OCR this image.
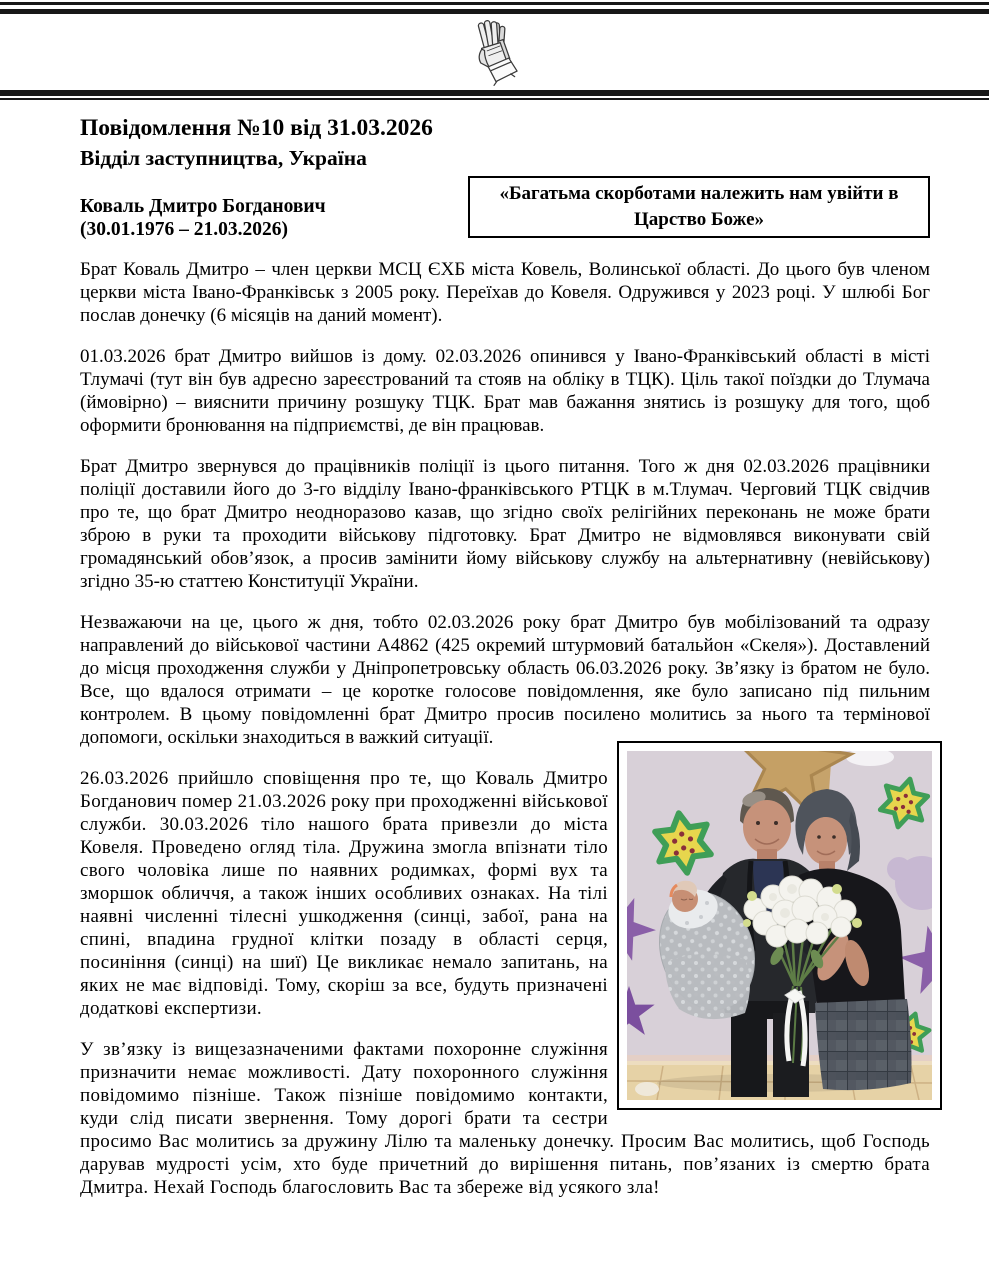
Повідомлення №10 від 31.03.2026
Відділ заступництва, Україна
Коваль Дмитро Богданович
(30.01.1976 – 21.03.2026)
«Багатьма скорботами належить нам увійти в Царство Боже»

Брат Коваль Дмитро – член церкви МСЦ ЄХБ міста Ковель, Волинської області. До цього був членом церкви міста Івано-Франківськ з 2005 року. Переїхав до Ковеля. Одружився у 2023 році. У шлюбі Бог послав донечку (6 місяців на даний момент).

01.03.2026 брат Дмитро вийшов із дому. 02.03.2026 опинився у Івано-Франківський області в місті Тлумачі (тут він був адресно зареєстрований та стояв на обліку в ТЦК). Ціль такої поїздки до Тлумача (ймовірно) – вияснити причину розшуку ТЦК. Брат мав бажання знятись із розшуку для того, щоб оформити бронювання на підприємстві, де він працював.

Брат Дмитро звернувся до працівників поліції із цього питання. Того ж дня 02.03.2026 працівники поліції доставили його до 3-го відділу Івано-франківського РТЦК в м.Тлумач. Черговий ТЦК свідчив про те, що брат Дмитро неодноразово казав, що згідно своїх релігійних переконань не може брати зброю в руки та проходити військову підготовку. Брат Дмитро не відмовлявся виконувати свій громадянський обов’язок, а просив замінити йому військову службу на альтернативну (невійськову) згідно 35-ю статтею Конституції України.

Незважаючи на це, цього ж дня, тобто 02.03.2026 року брат Дмитро був мобілізований та одразу направлений до військової частини А4862 (425 окремий штурмовий батальйон «Скеля»). Доставлений до місця проходження служби у Дніпропетровську область 06.03.2026 року. Зв’язку із братом не було. Все, що вдалося отримати – це коротке голосове повідомлення, яке було записано під пильним контролем. В цьому повідомленні брат Дмитро просив посилено молитись за нього та термінової допомоги, оскільки знаходиться в важкий ситуації.

26.03.2026 прийшло сповіщення про те, що Коваль Дмитро Богданович помер 21.03.2026 року при проходженні військової служби. 30.03.2026 тіло нашого брата привезли до міста Ковеля. Проведено огляд тіла. Дружина змогла впізнати тіло свого чоловіка лише по наявних родимках, формі вух та зморшок обличчя, а також інших особливих ознаках. На тілі наявні численні тілесні ушкодження (синці, забої, рана на спині, впадина грудної клітки позаду в області серця, посиніння (синці) на шиї) Це викликає немало запитань, на яких не має відповіді. Тому, скоріш за все, будуть призначені додаткові експертизи.

У зв’язку із вищезазначеними фактами похоронне служіння призначити немає можливості. Дату похоронного служіння повідомимо пізніше. Також пізніше повідомимо контакти, куди слід писати звернення. Тому дорогі брати та сестри просимо Вас молитись за дружину Лілю та маленьку донечку. Просим Вас молитись, щоб Господь дарував мудрості усім, хто буде причетний до вирішення питань, пов’язаних із смертю брата Дмитра. Нехай Господь благословить Вас та збереже від усякого зла!
